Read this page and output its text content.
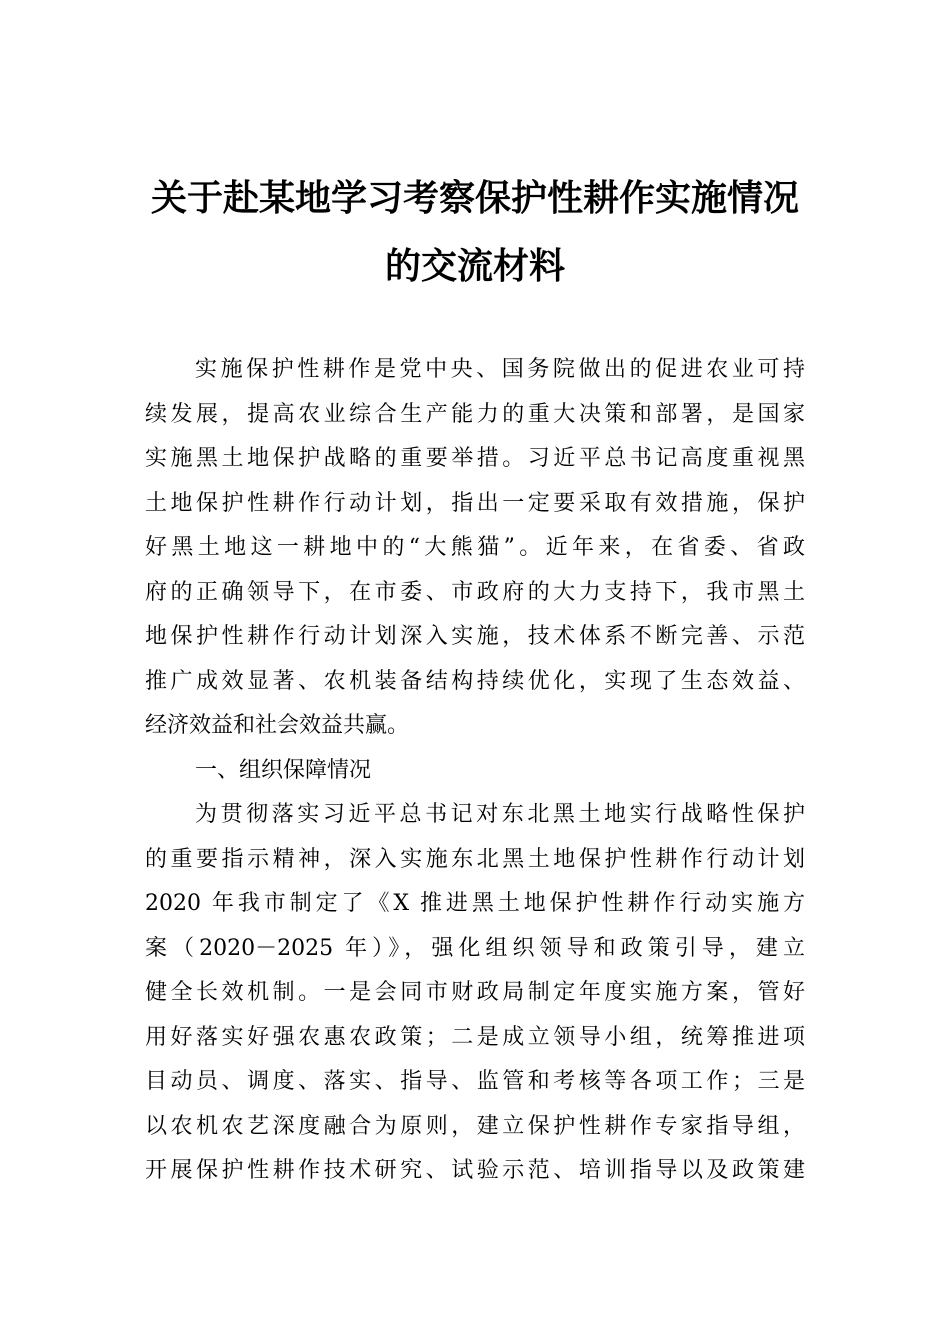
关于赴某地学习考察保护性耕作实施情况
的交流材料
实施保护性耕作是党中央、国务院做出的促进农业可持
续发展，提高农业综合生产能力的重大决策和部署，是国家
实施黑土地保护战略的重要举措。习近平总书记高度重视黑
土地保护性耕作行动计划，指出一定要采取有效措施，保护
好黑土地这一耕地中的“大熊猫”。近年来，在省委、省政
府的正确领导下，在市委、市政府的大力支持下，我市黑土
地保护性耕作行动计划深入实施，技术体系不断完善、示范
推广成效显著、农机装备结构持续优化，实现了生态效益、
经济效益和社会效益共赢。
一、组织保障情况
为贯彻落实习近平总书记对东北黑土地实行战略性保护
的重要指示精神，深入实施东北黑土地保护性耕作行动计划
2020 年我市制定了《X 推进黑土地保护性耕作行动实施方
案（2020－2025 年）》，强化组织领导和政策引导，建立
健全长效机制。一是会同市财政局制定年度实施方案，管好
用好落实好强农惠农政策；二是成立领导小组，统筹推进项
目动员、调度、落实、指导、监管和考核等各项工作；三是
以农机农艺深度融合为原则，建立保护性耕作专家指导组，
开展保护性耕作技术研究、试验示范、培训指导以及政策建
